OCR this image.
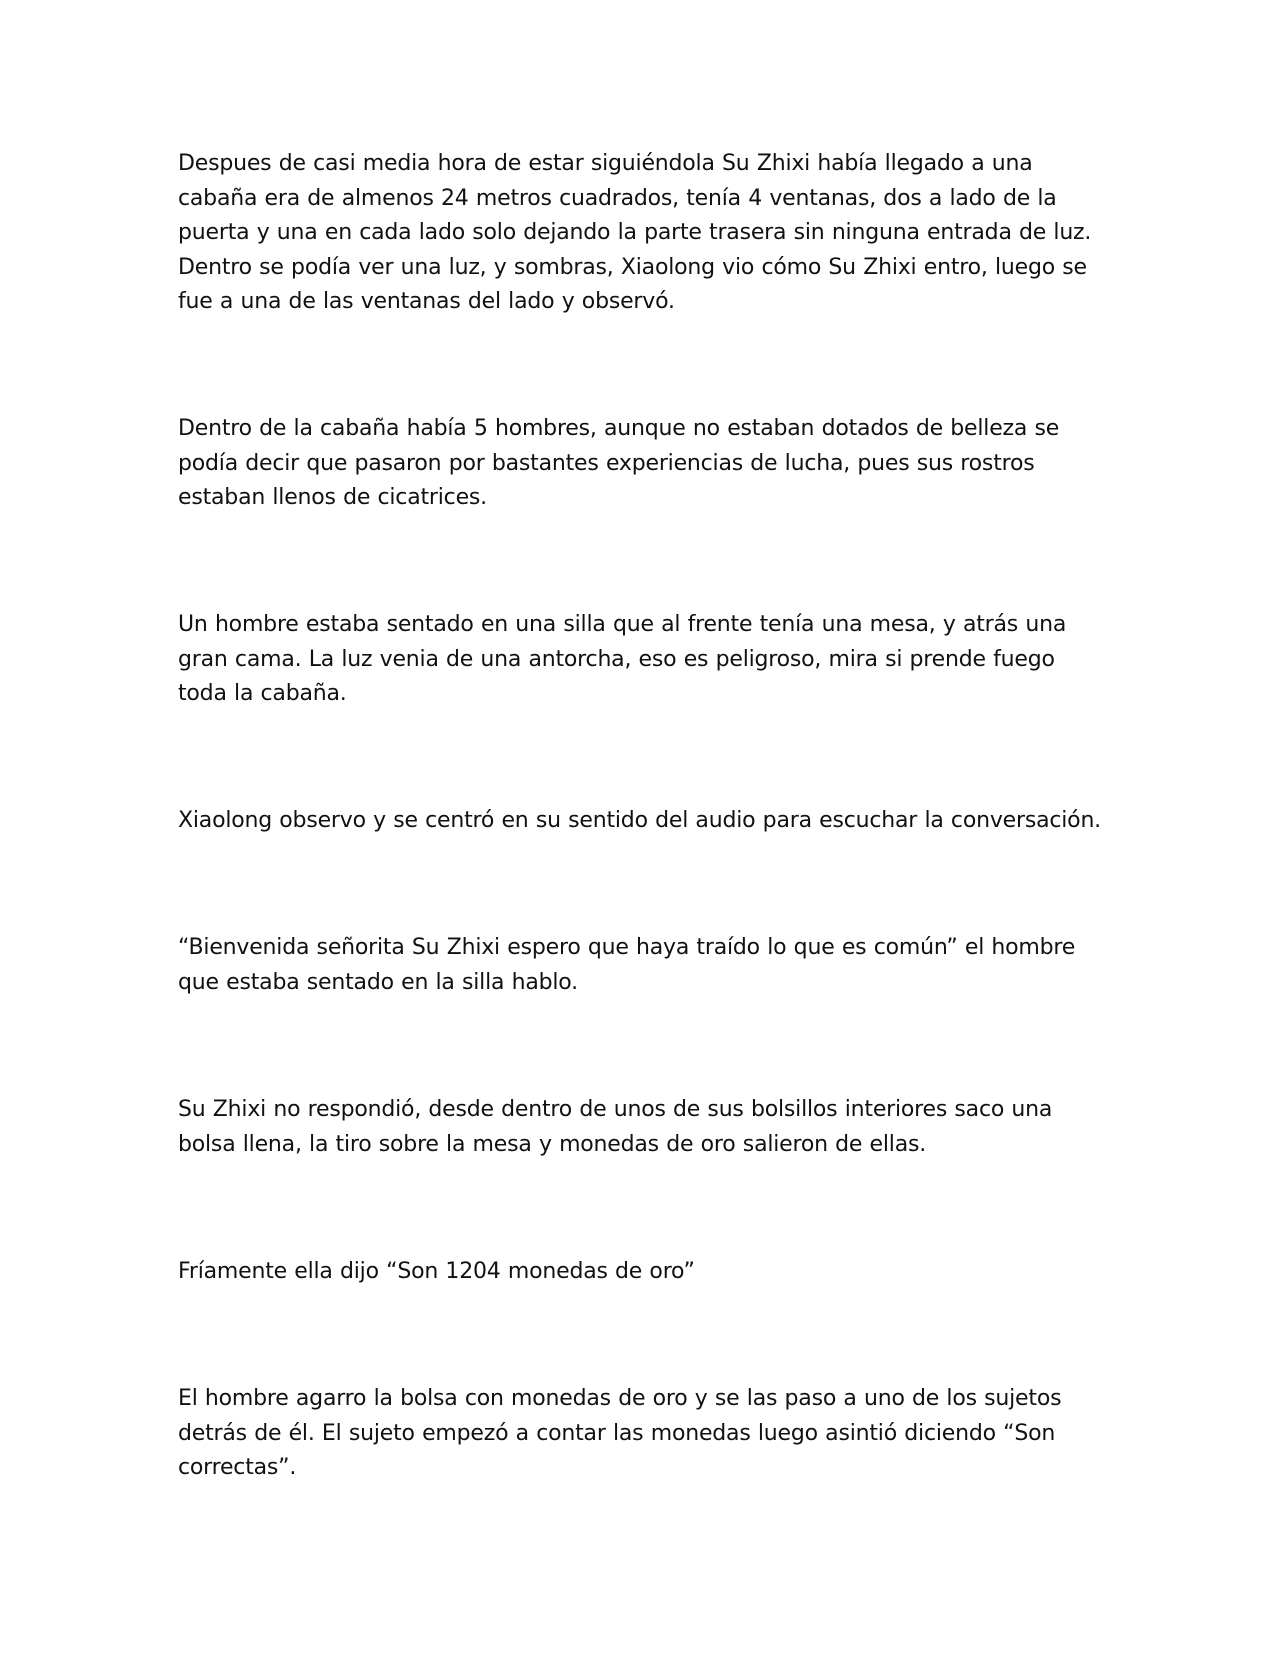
Despues de casi media hora de estar siguiéndola Su Zhixi había llegado a una cabaña era de almenos 24 metros cuadrados, tenía 4 ventanas, dos a lado de la puerta y una en cada lado solo dejando la parte trasera sin ninguna entrada de luz. Dentro se podía ver una luz, y sombras, Xiaolong vio cómo Su Zhixi entro, luego se fue a una de las ventanas del lado y observó.

Dentro de la cabaña había 5 hombres, aunque no estaban dotados de belleza se podía decir que pasaron por bastantes experiencias de lucha, pues sus rostros estaban llenos de cicatrices.

Un hombre estaba sentado en una silla que al frente tenía una mesa, y atrás una gran cama. La luz venia de una antorcha, eso es peligroso, mira si prende fuego toda la cabaña.

Xiaolong observo y se centró en su sentido del audio para escuchar la conversación.

“Bienvenida señorita Su Zhixi espero que haya traído lo que es común” el hombre que estaba sentado en la silla hablo.

Su Zhixi no respondió, desde dentro de unos de sus bolsillos interiores saco una bolsa llena, la tiro sobre la mesa y monedas de oro salieron de ellas.

Fríamente ella dijo “Son 1204 monedas de oro”

El hombre agarro la bolsa con monedas de oro y se las paso a uno de los sujetos detrás de él. El sujeto empezó a contar las monedas luego asintió diciendo “Son correctas”.
